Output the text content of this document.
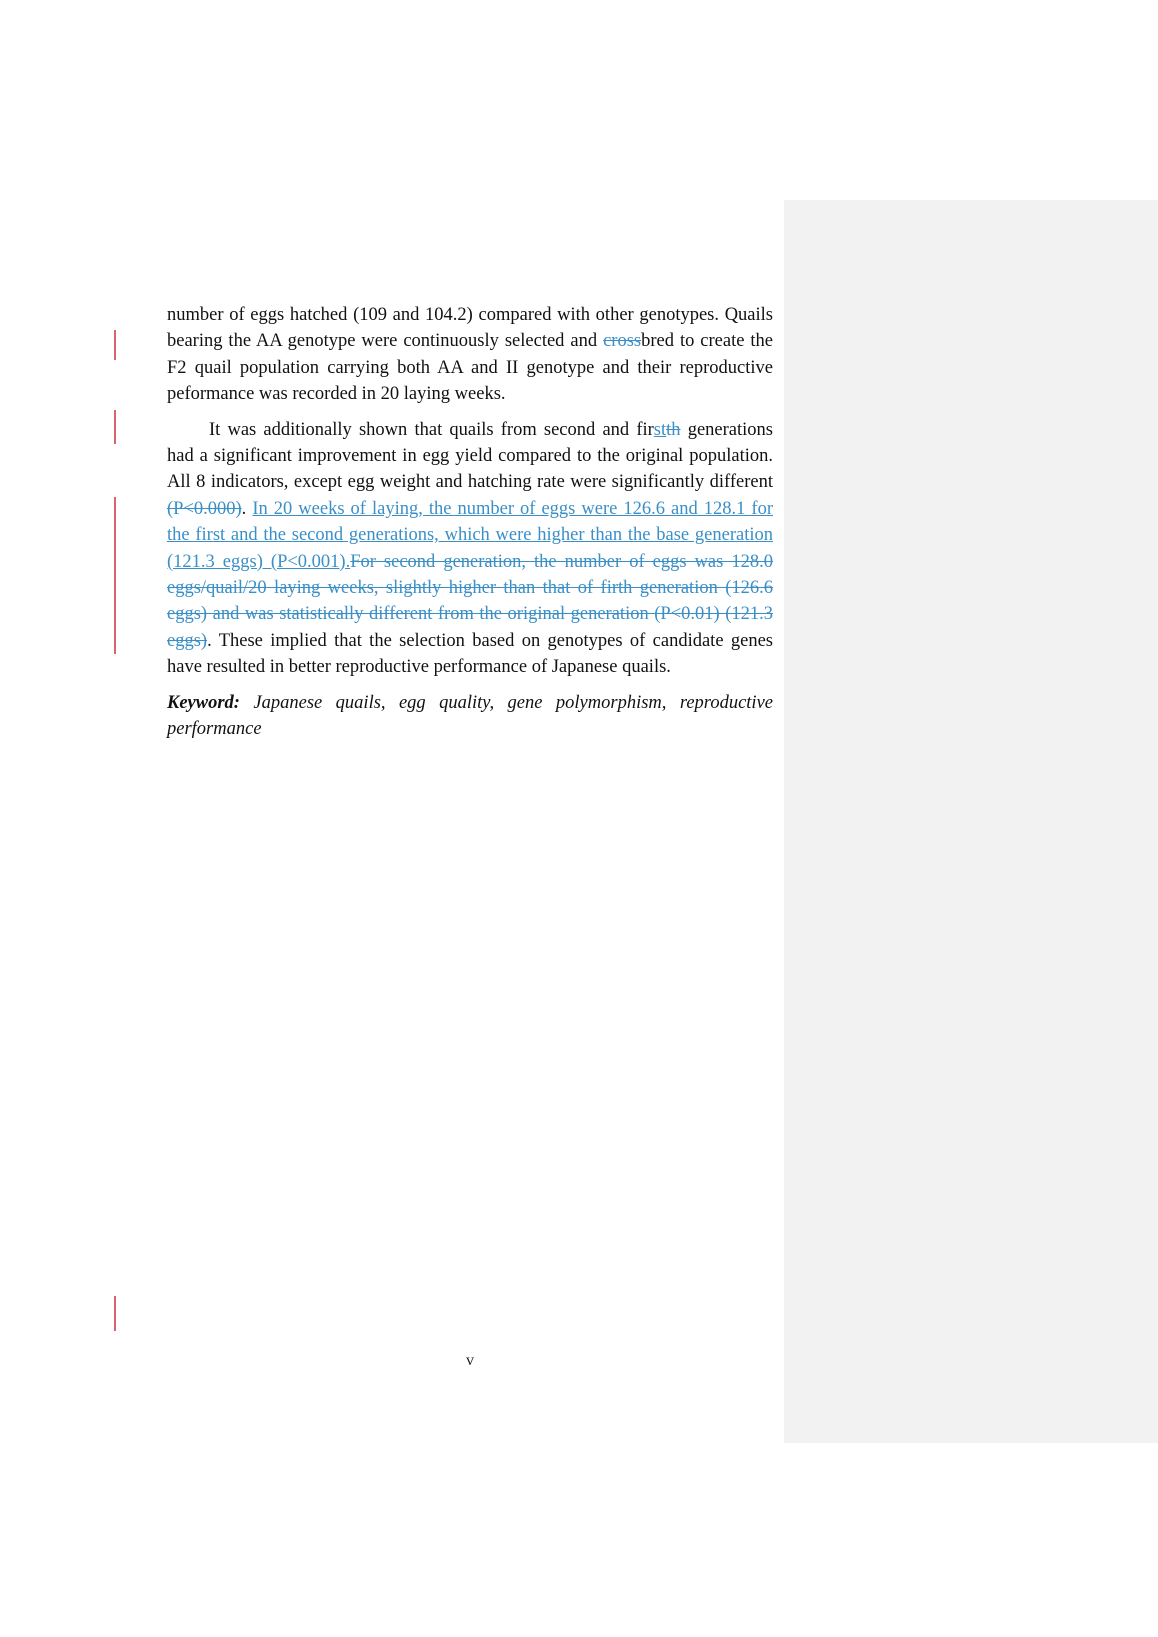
number of eggs hatched (109 and 104.2) compared with other genotypes. Quails bearing the AA genotype were continuously selected and crossbred to create the F2 quail population carrying both AA and II genotype and their reproductive peformance was recorded in 20 laying weeks.

It was additionally shown that quails from second and firstth generations had a significant improvement in egg yield compared to the original population. All 8 indicators, except egg weight and hatching rate were significantly different (P<0.000). In 20 weeks of laying, the number of eggs were 126.6 and 128.1 for the first and the second generations, which were higher than the base generation (121.3 eggs) (P<0.001).For second generation, the number of eggs was 128.0 eggs/quail/20 laying weeks, slightly higher than that of firth generation (126.6 eggs) and was statistically different from the original generation (P<0.01) (121.3 eggs). These implied that the selection based on genotypes of candidate genes have resulted in better reproductive performance of Japanese quails.

Keyword: Japanese quails, egg quality, gene polymorphism, reproductive performance

v
